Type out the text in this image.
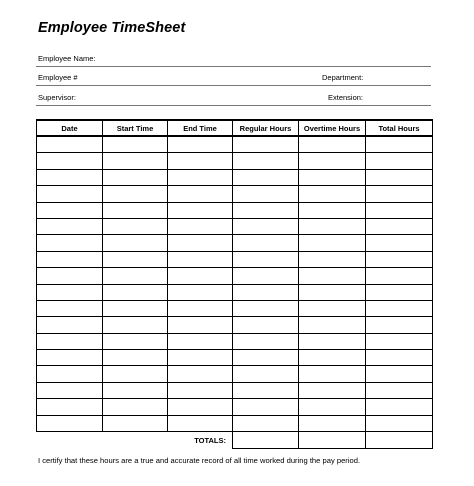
Employee TimeSheet
Employee Name:
Employee #	Department:
Supervisor:	Extension:
Date	Start Time	End Time	Regular Hours	Overtime Hours	Total Hours

		TOTALS:			
I certify that these hours are a true and accurate record of all time worked during the pay period.
